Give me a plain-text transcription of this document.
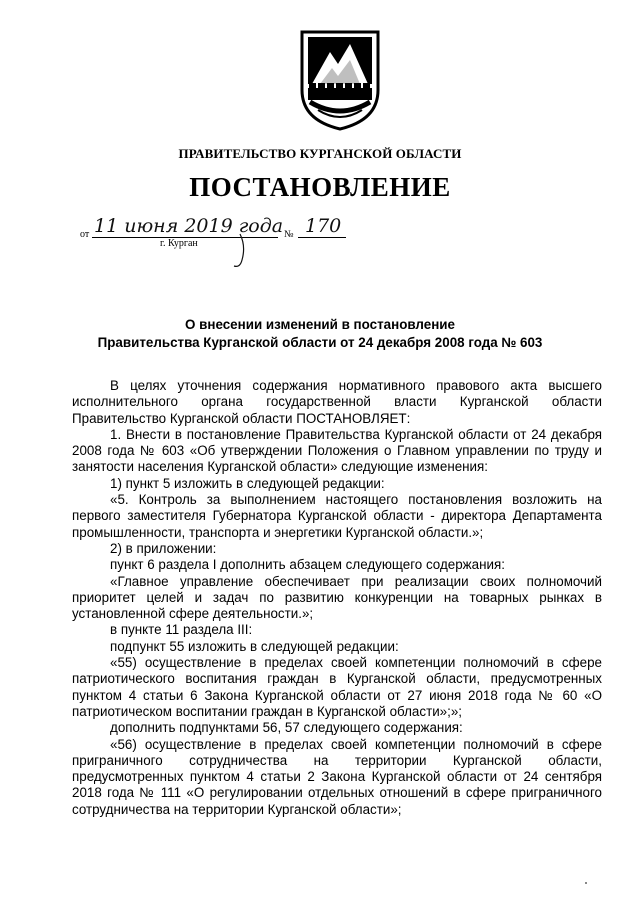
ПРАВИТЕЛЬСТВО КУРГАНСКОЙ ОБЛАСТИ
ПОСТАНОВЛЕНИЕ
от 11 июня 2019 года № 170
г. Курган
О внесении изменений в постановление
Правительства Курганской области от 24 декабря 2008 года № 603

В целях уточнения содержания нормативного правового акта высшего исполнительного органа государственной власти Курганской области Правительство Курганской области ПОСТАНОВЛЯЕТ:

1. Внести в постановление Правительства Курганской области от 24 декабря 2008 года № 603 «Об утверждении Положения о Главном управлении по труду и занятости населения Курганской области» следующие изменения:

1) пункт 5 изложить в следующей редакции:

«5. Контроль за выполнением настоящего постановления возложить на первого заместителя Губернатора Курганской области - директора Департамента промышленности, транспорта и энергетики Курганской области.»;

2) в приложении:

пункт 6 раздела I дополнить абзацем следующего содержания:

«Главное управление обеспечивает при реализации своих полномочий приоритет целей и задач по развитию конкуренции на товарных рынках в установленной сфере деятельности.»;

в пункте 11 раздела III:

подпункт 55 изложить в следующей редакции:

«55) осуществление в пределах своей компетенции полномочий в сфере патриотического воспитания граждан в Курганской области, предусмотренных пунктом 4 статьи 6 Закона Курганской области от 27 июня 2018 года № 60 «О патриотическом воспитании граждан в Курганской области»;»;

дополнить подпунктами 56, 57 следующего содержания:

«56) осуществление в пределах своей компетенции полномочий в сфере приграничного сотрудничества на территории Курганской области, предусмотренных пунктом 4 статьи 2 Закона Курганской области от 24 сентября 2018 года № 111 «О регулировании отдельных отношений в сфере приграничного сотрудничества на территории Курганской области»;
